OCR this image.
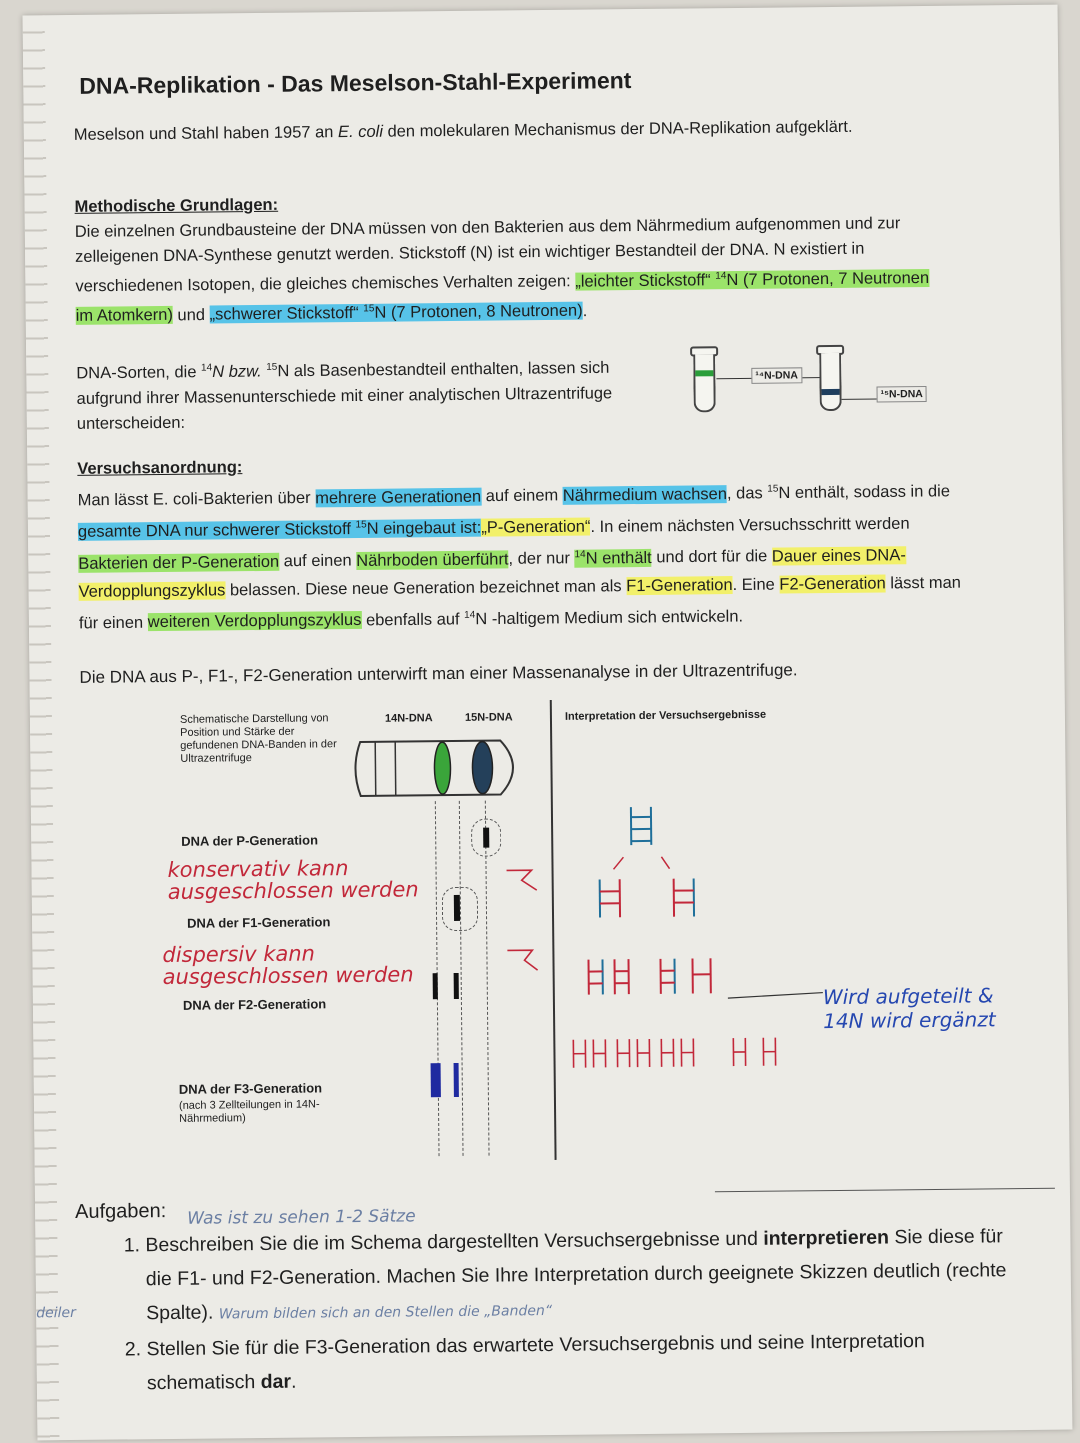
DNA-Replikation - Das Meselson-Stahl-Experiment

Meselson und Stahl haben 1957 an E. coli den molekularen Mechanismus der DNA-Replikation aufgeklärt.

Methodische Grundlagen:
Die einzelnen Grundbausteine der DNA müssen von den Bakterien aus dem Nährmedium aufgenommen und zur zelleigenen DNA-Synthese genutzt werden. Stickstoff (N) ist ein wichtiger Bestandteil der DNA. N existiert in verschiedenen Isotopen, die gleiches chemisches Verhalten zeigen: „leichter Stickstoff“ $^{14}$N (7 Protonen, 7 Neutronen im Atomkern) und „schwerer Stickstoff“ $^{15}$N (7 Protonen, 8 Neutronen).

DNA-Sorten, die $^{14}$N bzw. $^{15}$N als Basenbestandteil enthalten, lassen sich aufgrund ihrer Massenunterschiede mit einer analytischen Ultrazentrifuge unterscheiden:

¹⁴N-DNA
¹⁵N-DNA

Versuchsanordnung:
Man lässt E. coli-Bakterien über mehrere Generationen auf einem Nährmedium wachsen, das $^{15}$N enthält, sodass in die gesamte DNA nur schwerer Stickstoff $^{15}$N eingebaut ist:„P-Generation“. In einem nächsten Versuchsschritt werden Bakterien der P-Generation auf einen Nährboden überführt, der nur $^{14}$N enthält und dort für die Dauer eines DNA-Verdopplungszyklus belassen. Diese neue Generation bezeichnet man als F1-Generation. Eine F2-Generation lässt man für einen weiteren Verdopplungszyklus ebenfalls auf $^{14}$N -haltigem Medium sich entwickeln.

Die DNA aus P-, F1-, F2-Generation unterwirft man einer Massenanalyse in der Ultrazentrifuge.

Schematische Darstellung von Position und Stärke der gefundenen DNA-Banden in der Ultrazentrifuge
14N-DNA	15N-DNA	Interpretation der Versuchsergebnisse
DNA der P-Generation
konservativ kann
ausgeschlossen werden
DNA der F1-Generation
dispersiv kann
ausgeschlossen werden
DNA der F2-Generation
DNA der F3-Generation
(nach 3 Zellteilungen in 14N-Nährmedium)
Wird aufgeteilt &
14N wird ergänzt
Aufgaben:	Was ist zu sehen 1-2 Sätze
1. Beschreiben Sie die im Schema dargestellten Versuchsergebnisse und interpretieren Sie diese für die F1- und F2-Generation. Machen Sie Ihre Interpretation durch geeignete Skizzen deutlich (rechte Spalte). Warum bilden sich an den Stellen die „Banden“
2. Stellen Sie für die F3-Generation das erwartete Versuchsergebnis und seine Interpretation schematisch dar.
deiler
